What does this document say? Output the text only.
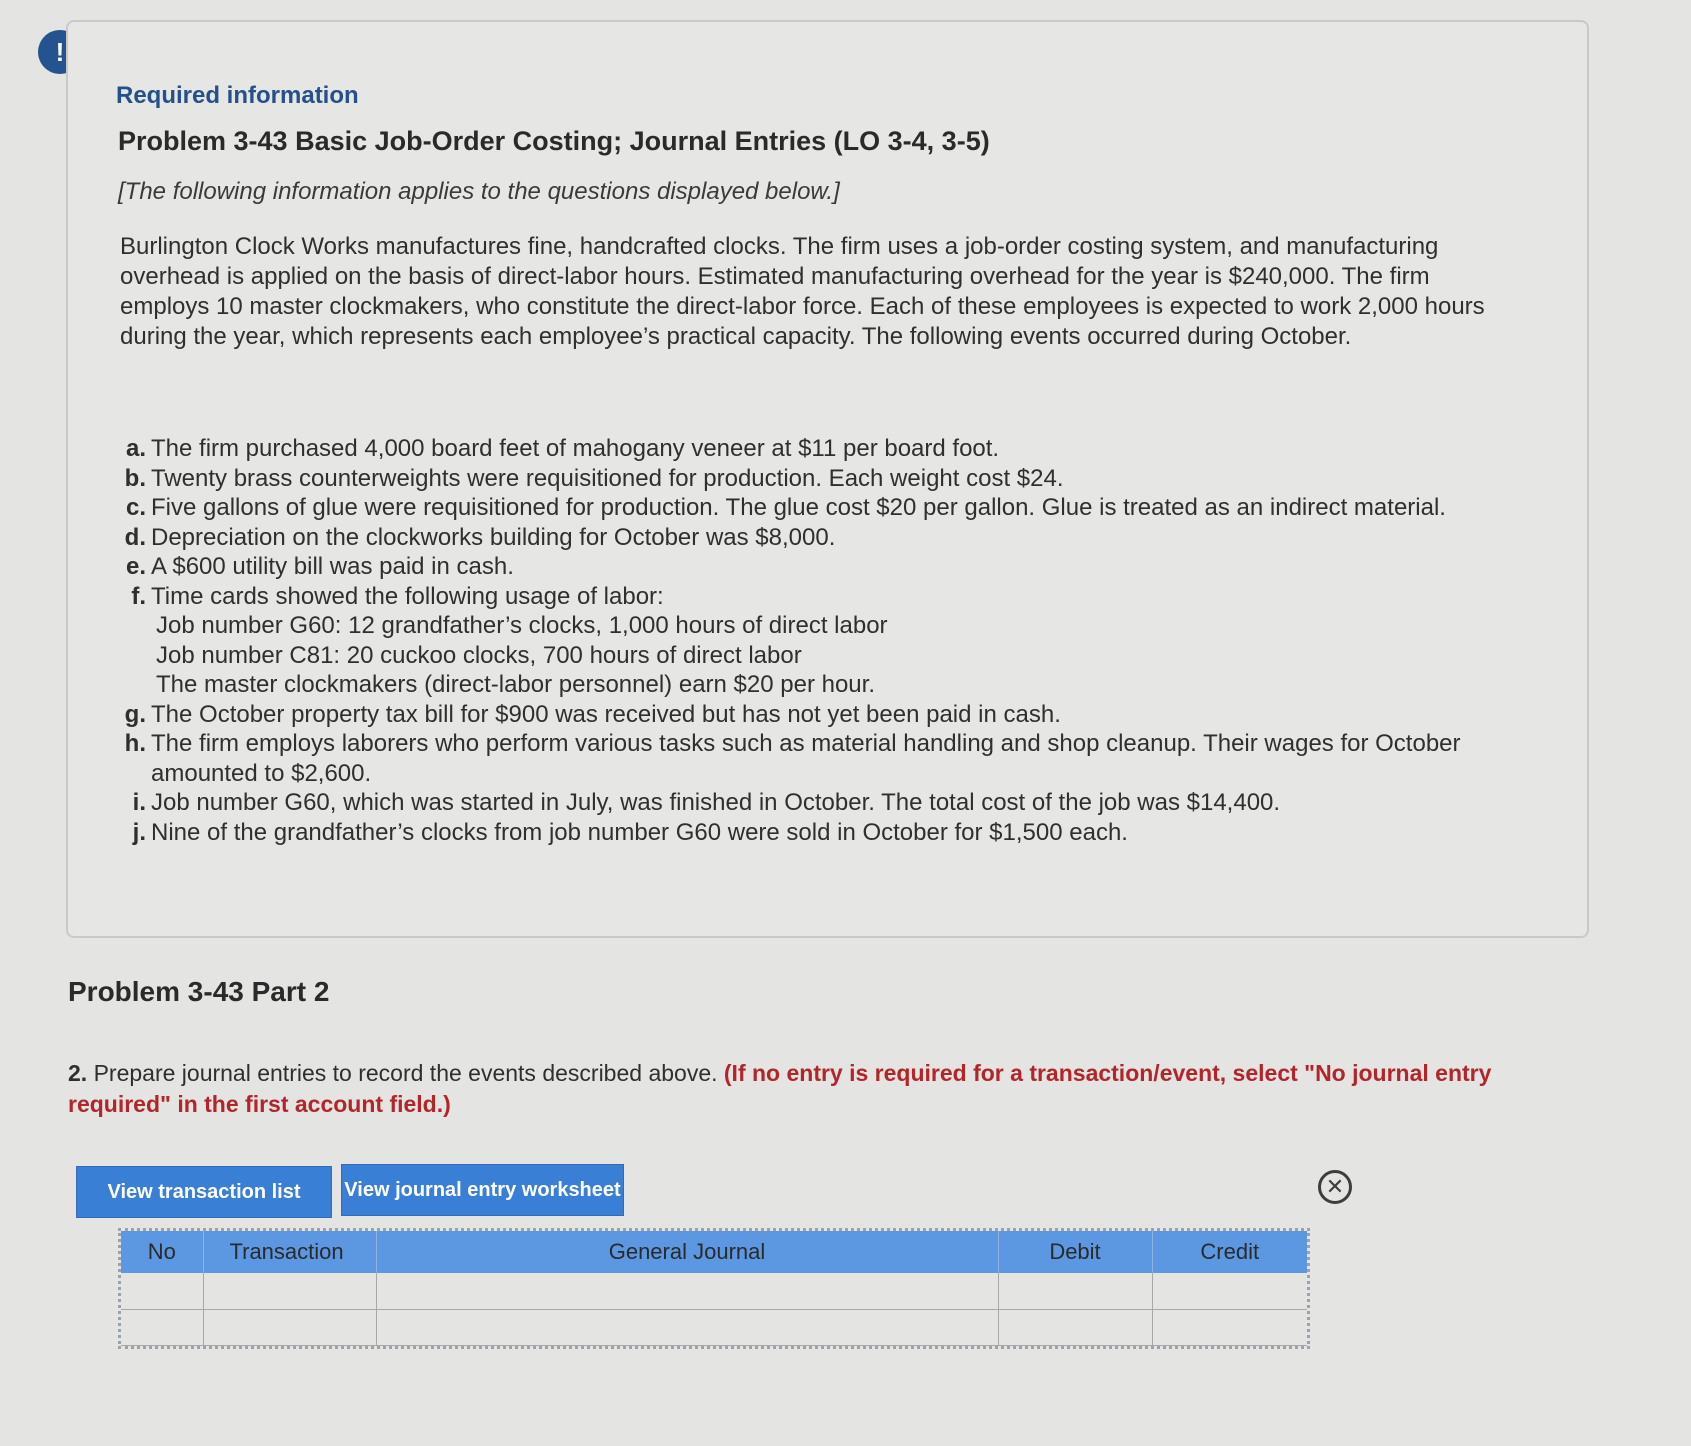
!
Required information
Problem 3-43 Basic Job-Order Costing; Journal Entries (LO 3-4, 3-5)
[The following information applies to the questions displayed below.]
Burlington Clock Works manufactures fine, handcrafted clocks. The firm uses a job-order costing system, and manufacturing overhead is applied on the basis of direct-labor hours. Estimated manufacturing overhead for the year is $240,000. The firm employs 10 master clockmakers, who constitute the direct-labor force. Each of these employees is expected to work 2,000 hours during the year, which represents each employee’s practical capacity. The following events occurred during October.
a. The firm purchased 4,000 board feet of mahogany veneer at $11 per board foot.
b. Twenty brass counterweights were requisitioned for production. Each weight cost $24.
c. Five gallons of glue were requisitioned for production. The glue cost $20 per gallon. Glue is treated as an indirect material.
d. Depreciation on the clockworks building for October was $8,000.
e. A $600 utility bill was paid in cash.
f. Time cards showed the following usage of labor:
Job number G60: 12 grandfather’s clocks, 1,000 hours of direct labor
Job number C81: 20 cuckoo clocks, 700 hours of direct labor
The master clockmakers (direct-labor personnel) earn $20 per hour.
g. The October property tax bill for $900 was received but has not yet been paid in cash.
h. The firm employs laborers who perform various tasks such as material handling and shop cleanup. Their wages for October amounted to $2,600.
i. Job number G60, which was started in July, was finished in October. The total cost of the job was $14,400.
j. Nine of the grandfather’s clocks from job number G60 were sold in October for $1,500 each.
Problem 3-43 Part 2
2. Prepare journal entries to record the events described above. (If no entry is required for a transaction/event, select "No journal entry required" in the first account field.)
View transaction list	View journal entry worksheet	✕
No	Transaction	General Journal	Debit	Credit
